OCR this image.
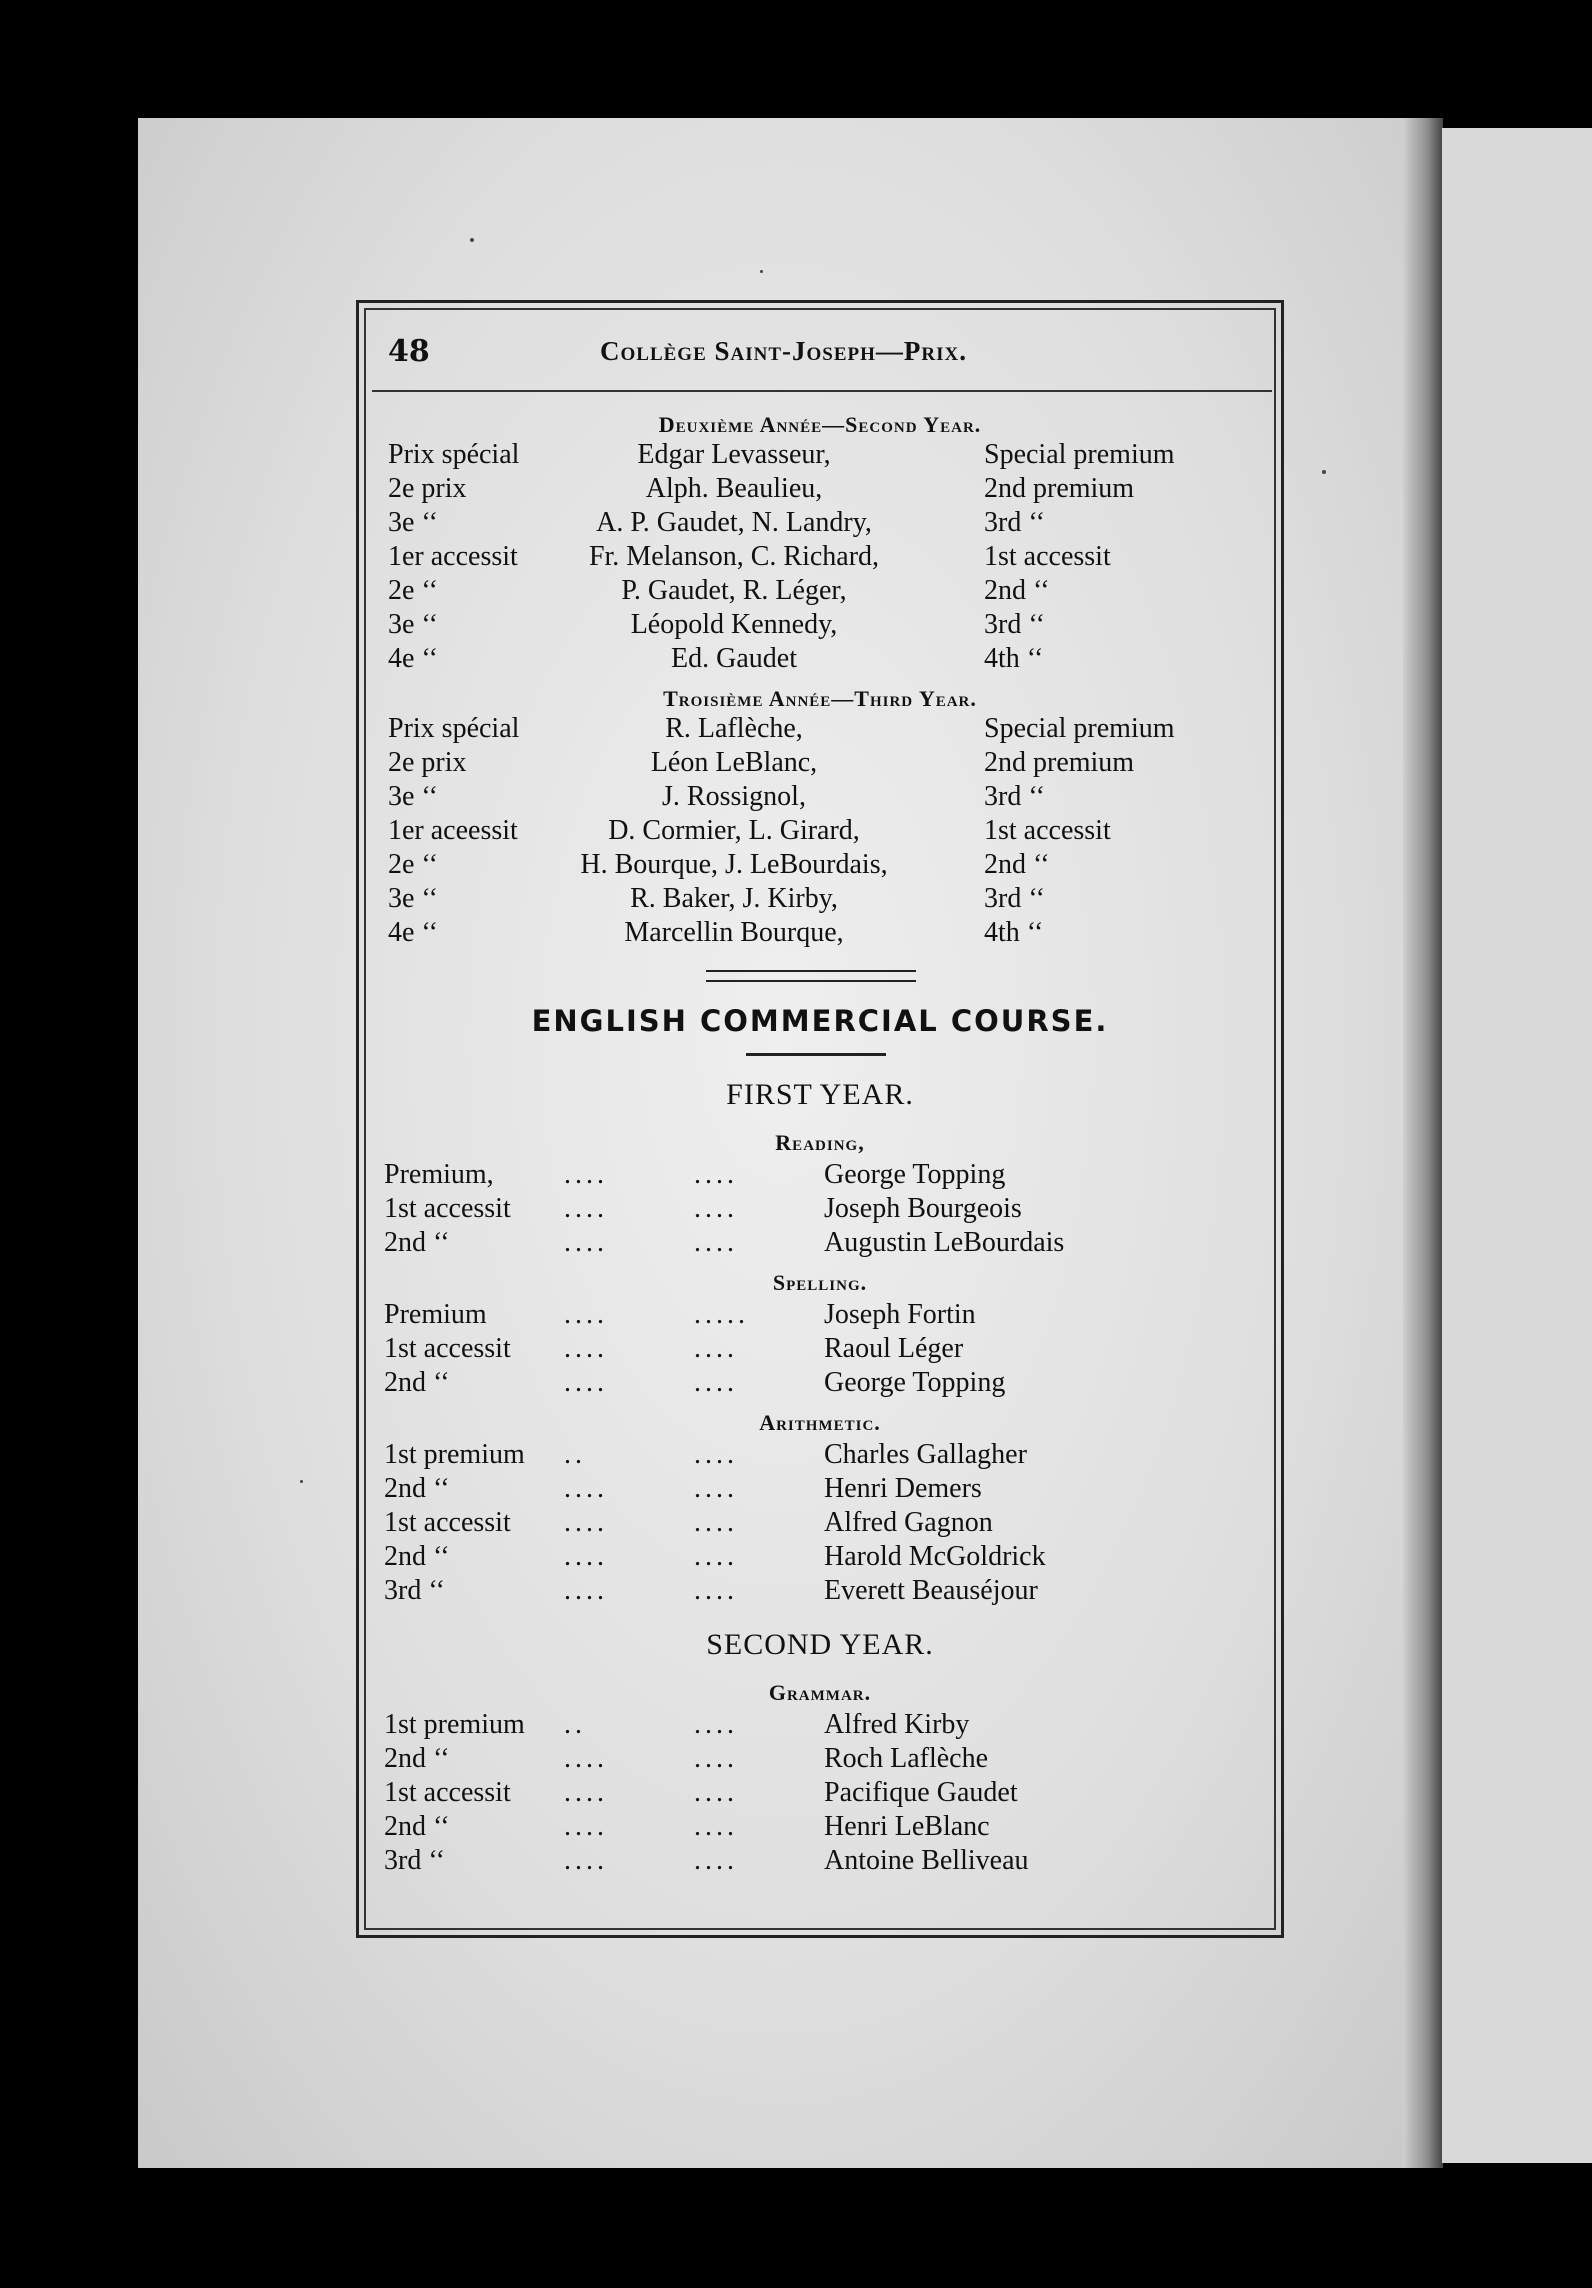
48	Collège Saint-Joseph—Prix.
Deuxième Année—Second Year.
Prix spécial	Edgar Levasseur,	Special premium
2e prix	Alph. Beaulieu,	2nd premium
3e ‘‘	A. P. Gaudet, N. Landry,	3rd ‘‘
1er accessit	Fr. Melanson, C. Richard,	1st accessit
2e ‘‘	P. Gaudet, R. Léger,	2nd ‘‘
3e ‘‘	Léopold Kennedy,	3rd ‘‘
4e ‘‘	Ed. Gaudet	4th ‘‘
Troisième Année—Third Year.
Prix spécial	R. Laflèche,	Special premium
2e prix	Léon LeBlanc,	2nd premium
3e ‘‘	J. Rossignol,	3rd ‘‘
1er aceessit	D. Cormier, L. Girard,	1st accessit
2e ‘‘	H. Bourque, J. LeBourdais,	2nd ‘‘
3e ‘‘	R. Baker, J. Kirby,	3rd ‘‘
4e ‘‘	Marcellin Bourque,	4th ‘‘
ENGLISH COMMERCIAL COURSE.
FIRST YEAR.
Reading,
Premium,	....	....	George Topping
1st accessit ....	....	Joseph Bourgeois
2nd ‘‘	....	....	Augustin LeBourdais
Spelling.
Premium	....	.....	Joseph Fortin
1st accessit ....	....	Raoul Léger
2nd ‘‘	....	....	George Topping
Arithmetic.
1st premium ..	....	Charles Gallagher
2nd ‘‘	....	....	Henri Demers
1st accessit ....	....	Alfred Gagnon
2nd ‘‘	....	....	Harold McGoldrick
3rd ‘‘	....	....	Everett Beauséjour
SECOND YEAR.
Grammar.
1st premium ..	....	Alfred Kirby
2nd ‘‘	....	....	Roch Laflèche
1st accessit ....	....	Pacifique Gaudet
2nd ‘‘	....	....	Henri LeBlanc
3rd ‘‘	....	....	Antoine Belliveau
